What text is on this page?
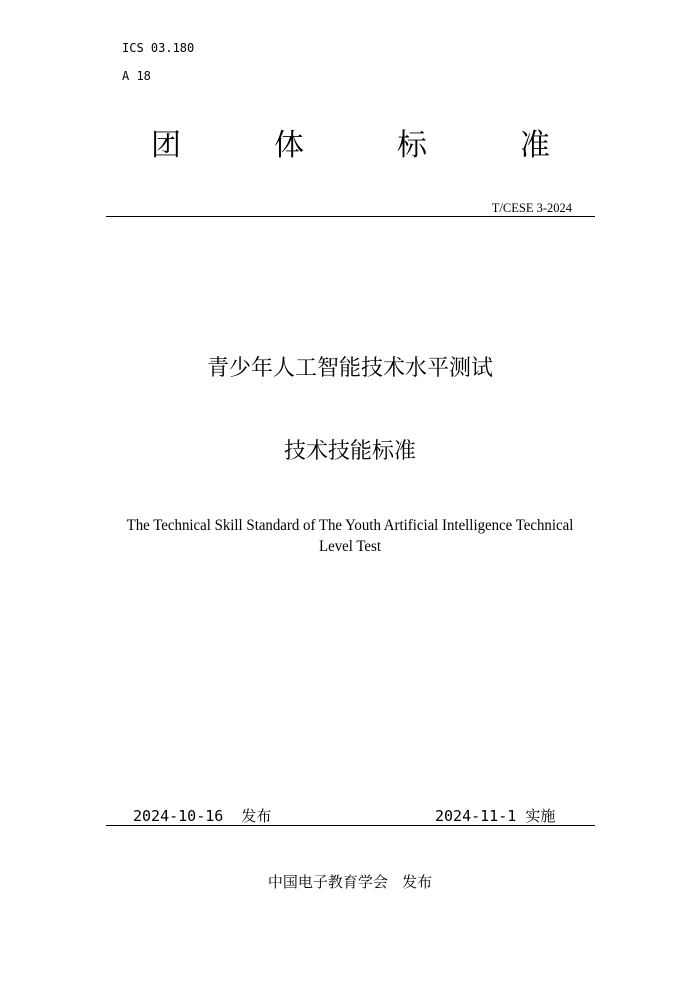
ICS 03.180
A 18
团	体	标	准
T/CESE 3-2024
青少年人工智能技术水平测试
技术技能标准
The Technical Skill Standard of The Youth Artificial Intelligence Technical Level Test
2024-10-16 发布	2024-11-1 实施
中国电子教育学会 发布
